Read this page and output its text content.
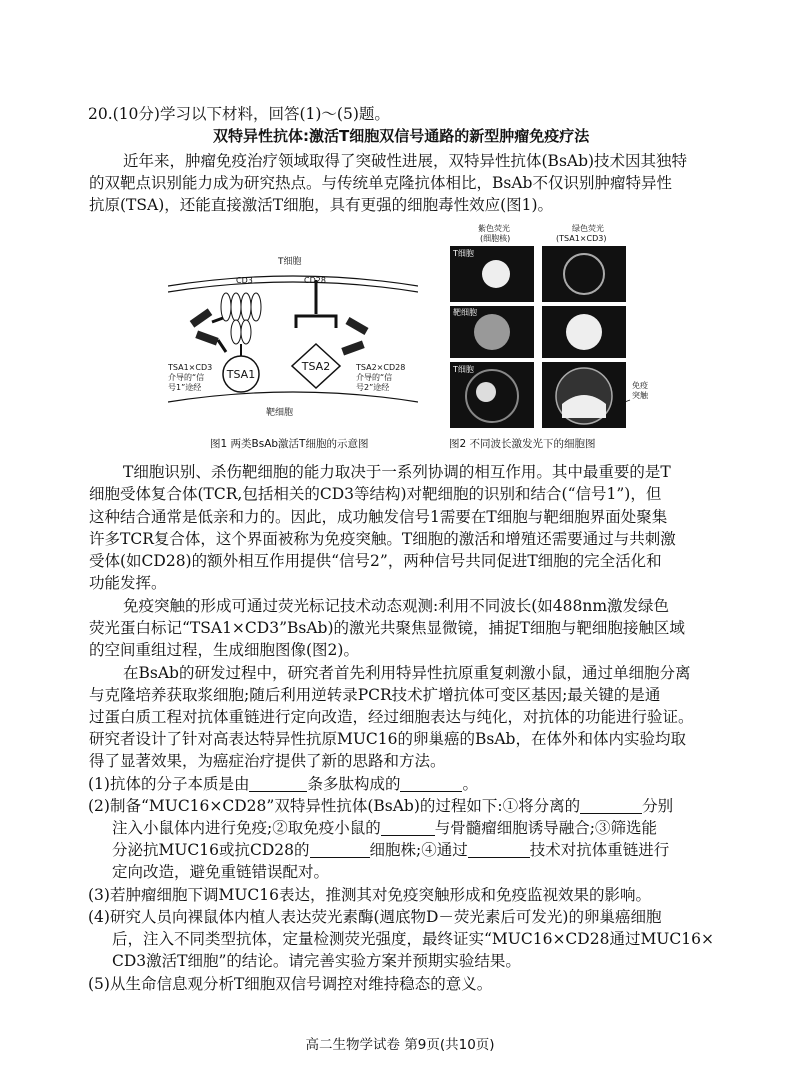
20.(10分)学习以下材料，回答(1)～(5)题。
双特异性抗体:激活T细胞双信号通路的新型肿瘤免疫疗法
近年来，肿瘤免疫治疗领域取得了突破性进展，双特异性抗体(BsAb)技术因其独特
的双靶点识别能力成为研究热点。与传统单克隆抗体相比，BsAb不仅识别肿瘤特异性
抗原(TSA)，还能直接激活T细胞，具有更强的细胞毒性效应(图1)。
TSA1
TSA2
T细胞
CD3	CD28
TSA1×CD3
介导的“信
号1”途经
TSA2×CD28
介导的“信
号2”途经
靶细胞
图1 两类BsAb激活T细胞的示意图
紫色荧光
(细胞核)
绿色荧光
(TSA1×CD3)
T细胞
靶细胞
T细胞
免疫
突触
图2 不同波长激发光下的细胞图
T细胞识别、杀伤靶细胞的能力取决于一系列协调的相互作用。其中最重要的是T
细胞受体复合体(TCR,包括相关的CD3等结构)对靶细胞的识别和结合(“信号1”)，但
这种结合通常是低亲和力的。因此，成功触发信号1需要在T细胞与靶细胞界面处聚集
许多TCR复合体，这个界面被称为免疫突触。T细胞的激活和增殖还需要通过与共刺激
受体(如CD28)的额外相互作用提供“信号2”，两种信号共同促进T细胞的完全活化和
功能发挥。
免疫突触的形成可通过荧光标记技术动态观测:利用不同波长(如488nm激发绿色
荧光蛋白标记“TSA1×CD3”BsAb)的激光共聚焦显微镜，捕捉T细胞与靶细胞接触区域
的空间重组过程，生成细胞图像(图2)。
在BsAb的研发过程中，研究者首先利用特异性抗原重复刺激小鼠，通过单细胞分离
与克隆培养获取浆细胞;随后利用逆转录PCR技术扩增抗体可变区基因;最关键的是通
过蛋白质工程对抗体重链进行定向改造，经过细胞表达与纯化，对抗体的功能进行验证。
研究者设计了针对高表达特异性抗原MUC16的卵巢癌的BsAb，在体外和体内实验均取
得了显著效果，为癌症治疗提供了新的思路和方法。
(1)抗体的分子本质是由	条多肽构成的	。
(2)制备“MUC16×CD28”双特异性抗体(BsAb)的过程如下:①将分离的	分别
注入小鼠体内进行免疫;②取免疫小鼠的	与骨髓瘤细胞诱导融合;③筛选能
分泌抗MUC16或抗CD28的	细胞株;④通过	技术对抗体重链进行
定向改造，避免重链错误配对。
(3)若肿瘤细胞下调MUC16表达，推测其对免疫突触形成和免疫监视效果的影响。
(4)研究人员向裸鼠体内植人表达荧光素酶(週底物D－荧光素后可发光)的卵巢癌细胞
后，注入不同类型抗体，定量检测荧光强度，最终证实“MUC16×CD28通过MUC16×
CD3激活T细胞”的结论。请完善实验方案并预期实验结果。
(5)从生命信息观分析T细胞双信号调控对维持稳态的意义。
高二生物学试卷 第9页(共10页)
